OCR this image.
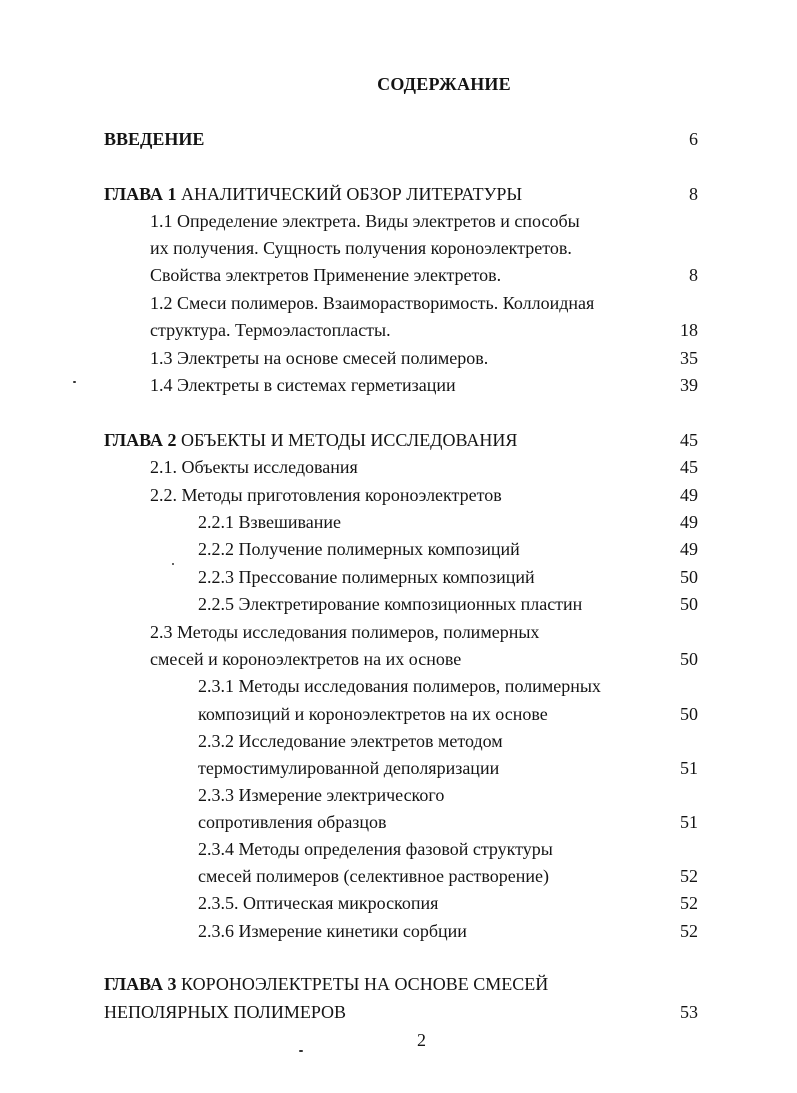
СОДЕРЖАНИЕ
ВВЕДЕНИЕ	6
ГЛАВА 1 АНАЛИТИЧЕСКИЙ ОБЗОР ЛИТЕРАТУРЫ	8
1.1 Определение электрета. Виды электретов и способы
их получения. Сущность получения короноэлектретов.
Свойства электретов Применение электретов.	8
1.2 Смеси полимеров. Взаиморастворимость. Коллоидная
структура. Термоэластопласты.	18
1.3 Электреты на основе смесей полимеров.	35
1.4 Электреты в системах герметизации	39
ГЛАВА 2 ОБЪЕКТЫ И МЕТОДЫ ИССЛЕДОВАНИЯ	45
2.1. Объекты исследования	45
2.2. Методы приготовления короноэлектретов	49
2.2.1 Взвешивание	49
2.2.2 Получение полимерных композиций	49
2.2.3 Прессование полимерных композиций	50
2.2.5 Электретирование композиционных пластин	50
2.3 Методы исследования полимеров, полимерных
смесей и короноэлектретов на их основе	50
2.3.1 Методы исследования полимеров, полимерных
композиций и короноэлектретов на их основе	50
2.3.2 Исследование электретов методом
термостимулированной деполяризации	51
2.3.3 Измерение электрического
сопротивления образцов	51
2.3.4 Методы определения фазовой структуры
смесей полимеров (селективное растворение)	52
2.3.5. Оптическая микроскопия	52
2.3.6 Измерение кинетики сорбции	52
ГЛАВА 3 КОРОНОЭЛЕКТРЕТЫ НА ОСНОВЕ СМЕСЕЙ
НЕПОЛЯРНЫХ ПОЛИМЕРОВ	53
2
